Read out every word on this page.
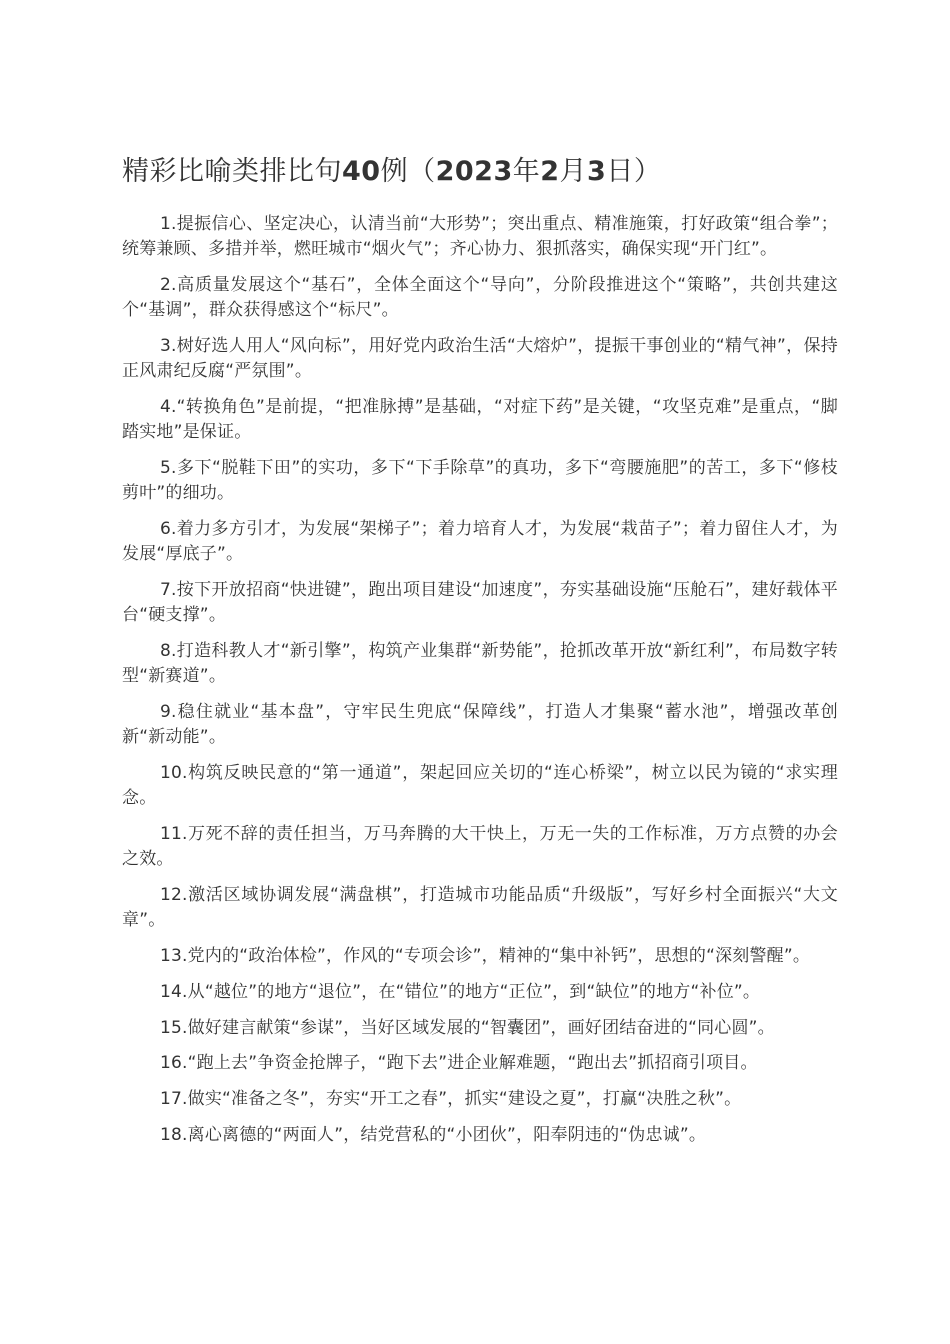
精彩比喻类排比句40例（2023年2月3日）

1.提振信心、坚定决心，认清当前“大形势”；突出重点、精准施策，打好政策“组合拳”；统筹兼顾、多措并举，燃旺城市“烟火气”；齐心协力、狠抓落实，确保实现“开门红”。

2.高质量发展这个“基石”，全体全面这个“导向”，分阶段推进这个“策略”，共创共建这个“基调”，群众获得感这个“标尺”。

3.树好选人用人“风向标”，用好党内政治生活“大熔炉”，提振干事创业的“精气神”，保持正风肃纪反腐“严氛围”。

4.“转换角色”是前提，“把准脉搏”是基础，“对症下药”是关键，“攻坚克难”是重点，“脚踏实地”是保证。

5.多下“脱鞋下田”的实功，多下“下手除草”的真功，多下“弯腰施肥”的苦工，多下“修枝剪叶”的细功。

6.着力多方引才，为发展“架梯子”；着力培育人才，为发展“栽苗子”；着力留住人才，为发展“厚底子”。

7.按下开放招商“快进键”，跑出项目建设“加速度”，夯实基础设施“压舱石”，建好载体平台“硬支撑”。

8.打造科教人才“新引擎”，构筑产业集群“新势能”，抢抓改革开放“新红利”，布局数字转型“新赛道”。

9.稳住就业“基本盘”，守牢民生兜底“保障线”，打造人才集聚“蓄水池”，增强改革创新“新动能”。

10.构筑反映民意的“第一通道”，架起回应关切的“连心桥梁”，树立以民为镜的“求实理念。

11.万死不辞的责任担当，万马奔腾的大干快上，万无一失的工作标准，万方点赞的办会之效。

12.激活区域协调发展“满盘棋”，打造城市功能品质“升级版”，写好乡村全面振兴“大文章”。

13.党内的“政治体检”，作风的“专项会诊”，精神的“集中补钙”，思想的“深刻警醒”。

14.从“越位”的地方“退位”，在“错位”的地方“正位”，到“缺位”的地方“补位”。

15.做好建言献策“参谋”，当好区域发展的“智囊团”，画好团结奋进的“同心圆”。

16.“跑上去”争资金抢牌子，“跑下去”进企业解难题，“跑出去”抓招商引项目。

17.做实“准备之冬”，夯实“开工之春”，抓实“建设之夏”，打赢“决胜之秋”。

18.离心离德的“两面人”，结党营私的“小团伙”，阳奉阴违的“伪忠诚”。
